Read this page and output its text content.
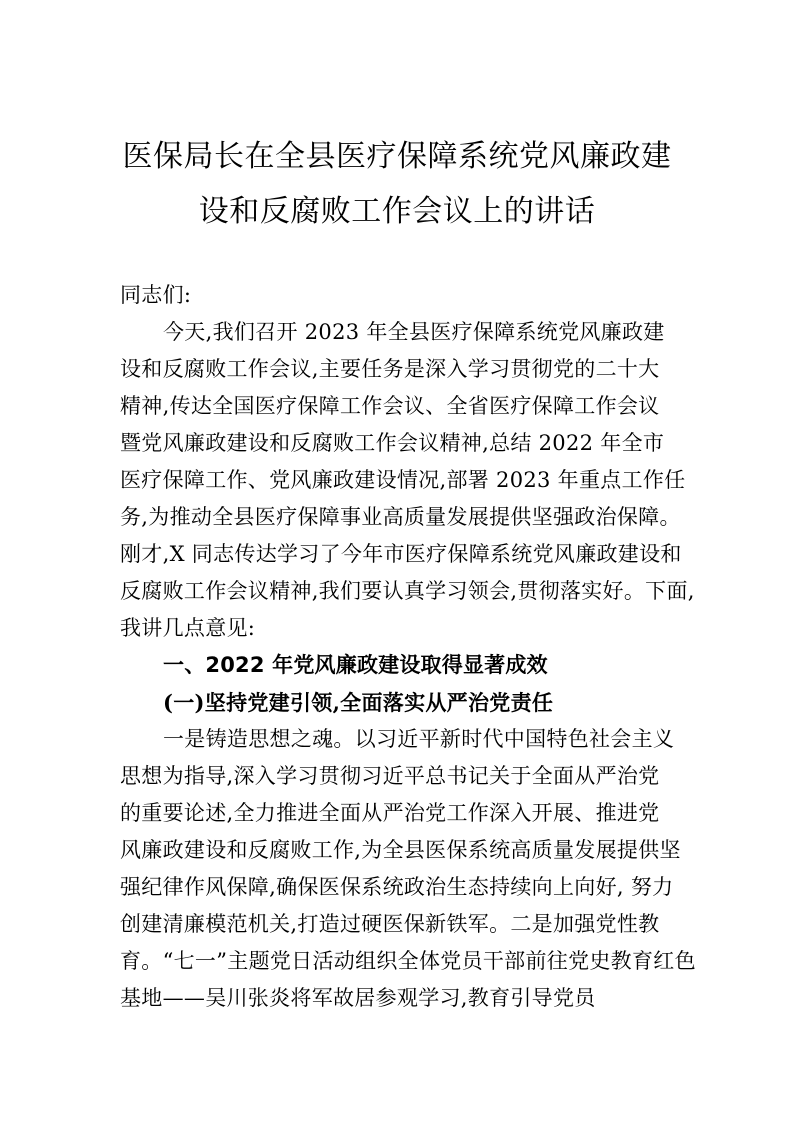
医保局长在全县医疗保障系统党风廉政建
设和反腐败工作会议上的讲话
同志们:
今天,我们召开 2023 年全县医疗保障系统党风廉政建
设和反腐败工作会议,主要任务是深入学习贯彻党的二十大
精神,传达全国医疗保障工作会议、全省医疗保障工作会议
暨党风廉政建设和反腐败工作会议精神,总结 2022 年全市
医疗保障工作、党风廉政建设情况,部署 2023 年重点工作任
务,为推动全县医疗保障事业高质量发展提供坚强政治保障。
刚才,X 同志传达学习了今年市医疗保障系统党风廉政建设和
反腐败工作会议精神,我们要认真学习领会,贯彻落实好。下面,
我讲几点意见:
一、2022 年党风廉政建设取得显著成效
(一)坚持党建引领,全面落实从严治党责任
一是铸造思想之魂。以习近平新时代中国特色社会主义
思想为指导,深入学习贯彻习近平总书记关于全面从严治党
的重要论述,全力推进全面从严治党工作深入开展、推进党
风廉政建设和反腐败工作,为全县医保系统高质量发展提供坚
强纪律作风保障,确保医保系统政治生态持续向上向好, 努力
创建清廉模范机关,打造过硬医保新铁军。二是加强党性教
育。“七一”主题党日活动组织全体党员干部前往党史教育红色
基地——吴川张炎将军故居参观学习,教育引导党员
